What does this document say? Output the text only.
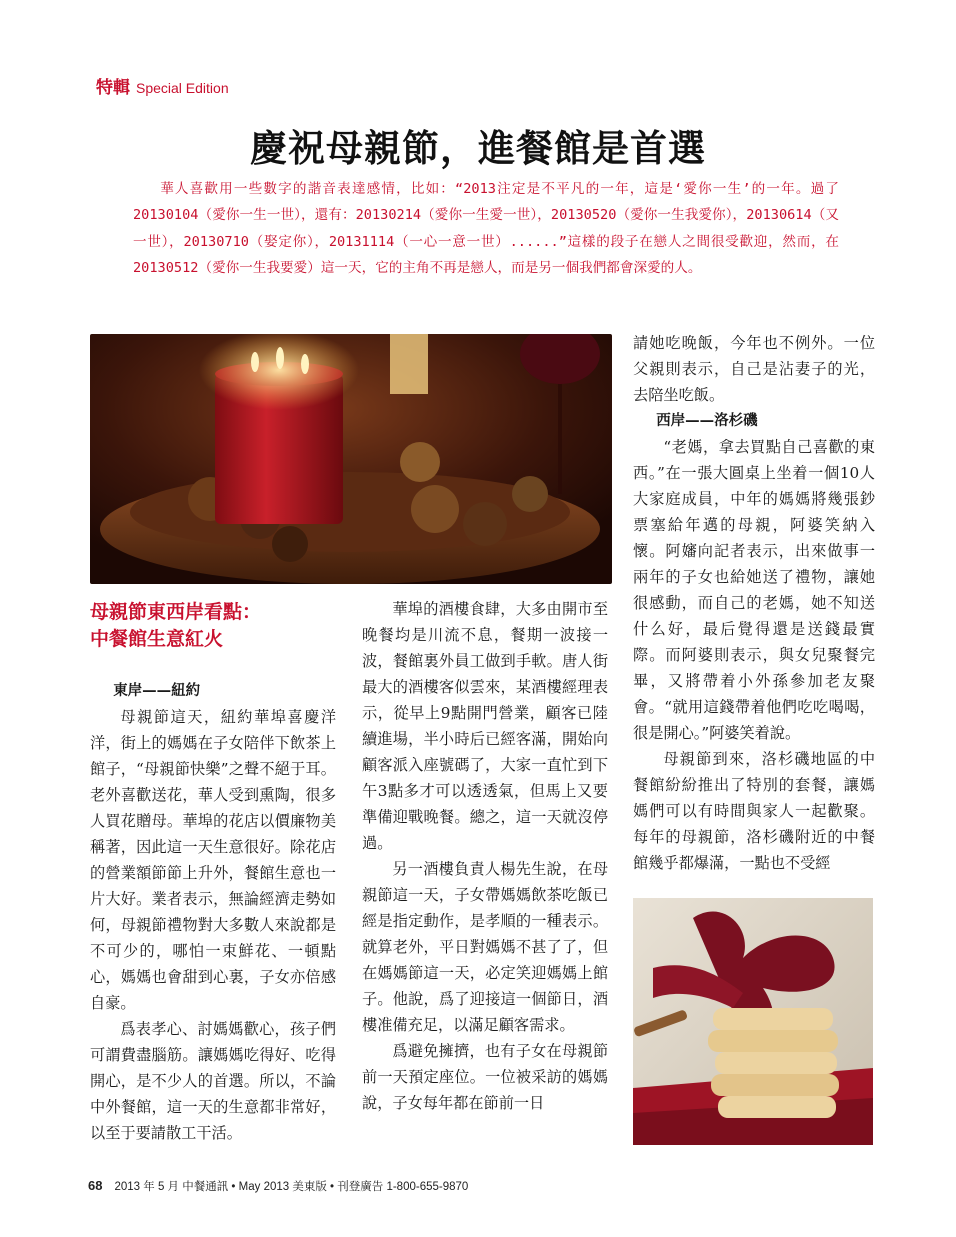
特輯 Special Edition
慶祝母親節，進餐館是首選

華人喜歡用一些數字的諧音表達感情，比如：“2013注定是不平凡的一年，這是‘愛你一生’的一年。過了20130104（愛你一生一世），還有：20130214（愛你一生愛一世），20130520（愛你一生我愛你），20130614（又一世），20130710（娶定你），20131114（一心一意一世）......”這樣的段子在戀人之間很受歡迎，然而，在20130512（愛你一生我要愛）這一天，它的主角不再是戀人，而是另一個我們都會深愛的人。

母親節東西岸看點：
中餐館生意紅火

東岸——紐約

母親節這天，紐約華埠喜慶洋洋，街上的媽媽在子女陪伴下飲茶上館子，“母親節快樂”之聲不絕于耳。老外喜歡送花，華人受到熏陶，很多人買花贈母。華埠的花店以價廉物美稱著，因此這一天生意很好。除花店的營業額節節上升外，餐館生意也一片大好。業者表示，無論經濟走勢如何，母親節禮物對大多數人來說都是不可少的，哪怕一束鮮花、一頓點心，媽媽也會甜到心裏，子女亦倍感自豪。

爲表孝心、討媽媽歡心，孩子們可謂費盡腦筋。讓媽媽吃得好、吃得開心，是不少人的首選。所以，不論中外餐館，這一天的生意都非常好，以至于要請散工干活。

華埠的酒樓食肆，大多由開市至晚餐均是川流不息，餐期一波接一波，餐館裏外員工做到手軟。唐人街最大的酒樓客似雲來，某酒樓經理表示，從早上9點開門營業，顧客已陸續進場，半小時后已經客滿，開始向顧客派入座號碼了，大家一直忙到下午3點多才可以透透氣，但馬上又要準備迎戰晚餐。總之，這一天就沒停過。

另一酒樓負責人楊先生說，在母親節這一天，子女帶媽媽飲茶吃飯已經是指定動作，是孝順的一種表示。就算老外，平日對媽媽不甚了了，但在媽媽節這一天，必定笑迎媽媽上館子。他說，爲了迎接這一個節日，酒樓准備充足，以滿足顧客需求。

爲避免擁擠，也有子女在母親節前一天預定座位。一位被采訪的媽媽說，子女每年都在節前一日

請她吃晚飯，今年也不例外。一位父親則表示，自己是沾妻子的光，去陪坐吃飯。

西岸——洛杉磯

“老媽，拿去買點自己喜歡的東西。”在一張大圓桌上坐着一個10人大家庭成員，中年的媽媽將幾張鈔票塞給年邁的母親，阿婆笑納入懷。阿嬸向記者表示，出來做事一兩年的子女也給她送了禮物，讓她很感動，而自己的老媽，她不知送什么好，最后覺得還是送錢最實際。而阿婆則表示，與女兒聚餐完畢，又將帶着小外孫參加老友聚會。“就用這錢帶着他們吃吃喝喝，很是開心。”阿婆笑着說。

母親節到來，洛杉磯地區的中餐館紛紛推出了特別的套餐，讓媽媽們可以有時間與家人一起歡聚。每年的母親節，洛杉磯附近的中餐館幾乎都爆滿，一點也不受經

68 2013 年 5 月 中餐通訊 • May 2013 美東版 • 刊登廣告 1-800-655-9870
